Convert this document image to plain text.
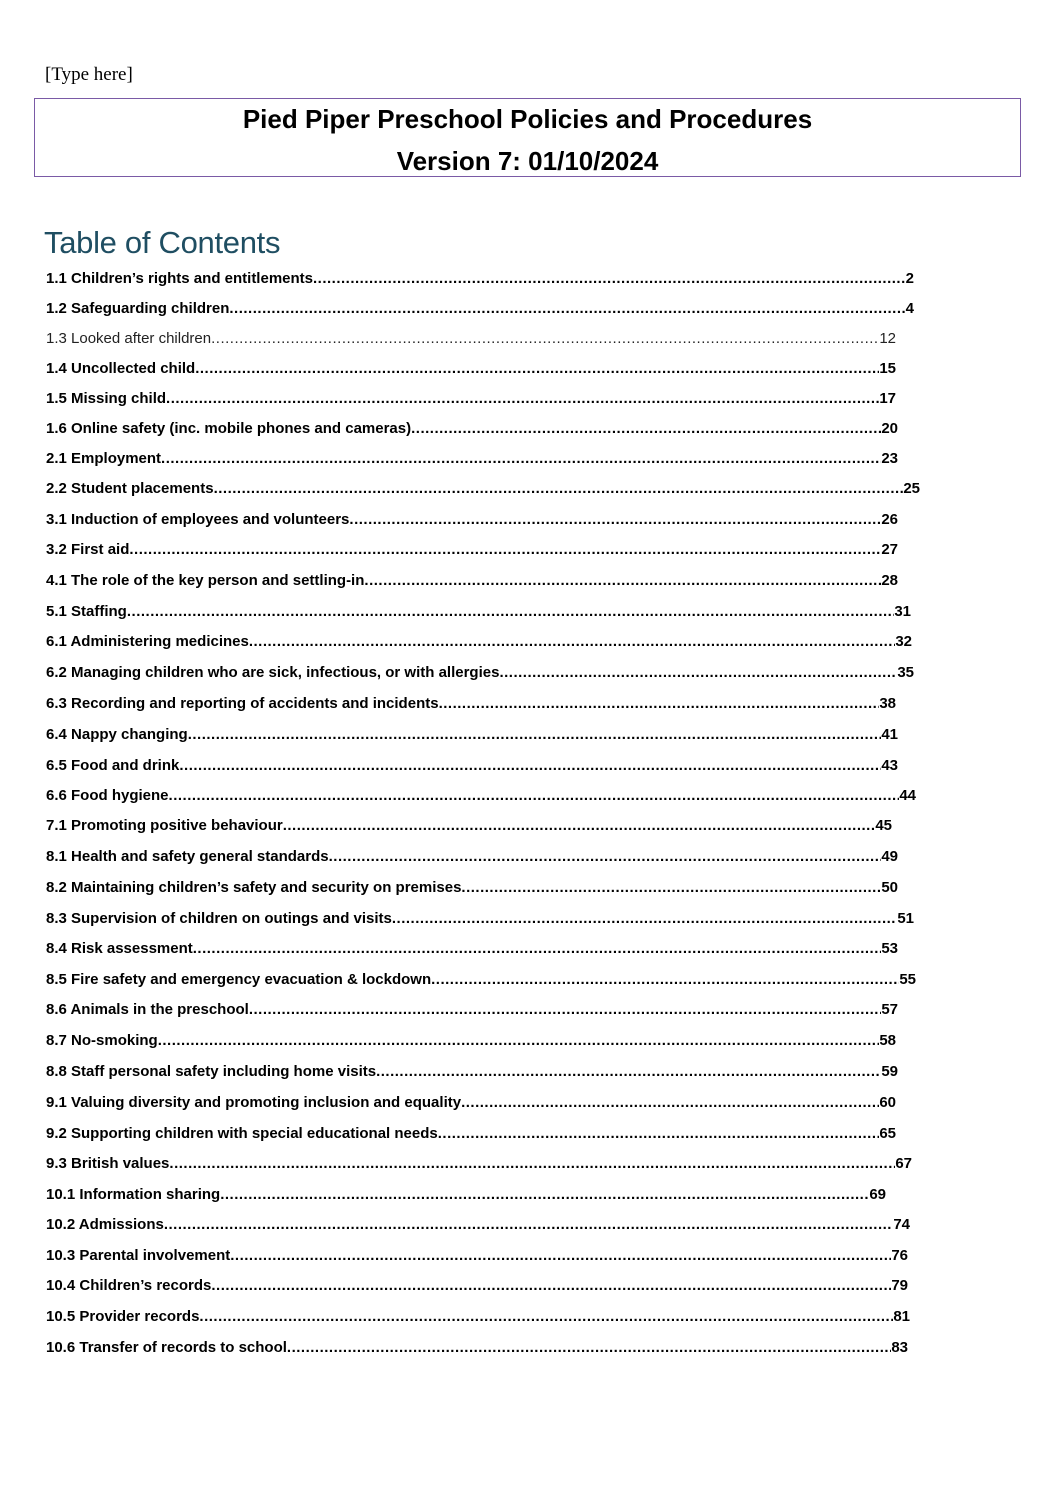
[Type here]
Pied Piper Preschool Policies and Procedures
Version 7: 01/10/2024
Table of Contents
1.1 Children’s rights and entitlements .....	2
1.2 Safeguarding children .....	4
1.3 Looked after children .....	12
1.4 Uncollected child .....	15
1.5 Missing child .....	17
1.6 Online safety (inc. mobile phones and cameras) .....	20
2.1 Employment .....	23
2.2 Student placements .....	25
3.1 Induction of employees and volunteers .....	26
3.2 First aid .....	27
4.1 The role of the key person and settling-in .....	28
5.1 Staffing .....	31
6.1 Administering medicines .....	32
6.2 Managing children who are sick, infectious, or with allergies .....	35
6.3 Recording and reporting of accidents and incidents .....	38
6.4 Nappy changing .....	41
6.5 Food and drink .....	43
6.6 Food hygiene .....	44
7.1 Promoting positive behaviour .....	45
8.1 Health and safety general standards .....	49
8.2 Maintaining children’s safety and security on premises .....	50
8.3 Supervision of children on outings and visits .....	51
8.4 Risk assessment .....	53
8.5 Fire safety and emergency evacuation & lockdown .....	55
8.6 Animals in the preschool .....	57
8.7 No-smoking .....	58
8.8 Staff personal safety including home visits .....	59
9.1 Valuing diversity and promoting inclusion and equality .....	60
9.2 Supporting children with special educational needs .....	65
9.3 British values .....	67
10.1 Information sharing .....	69
10.2 Admissions .....	74
10.3 Parental involvement .....	76
10.4 Children’s records .....	79
10.5 Provider records .....	81
10.6 Transfer of records to school .....	83
